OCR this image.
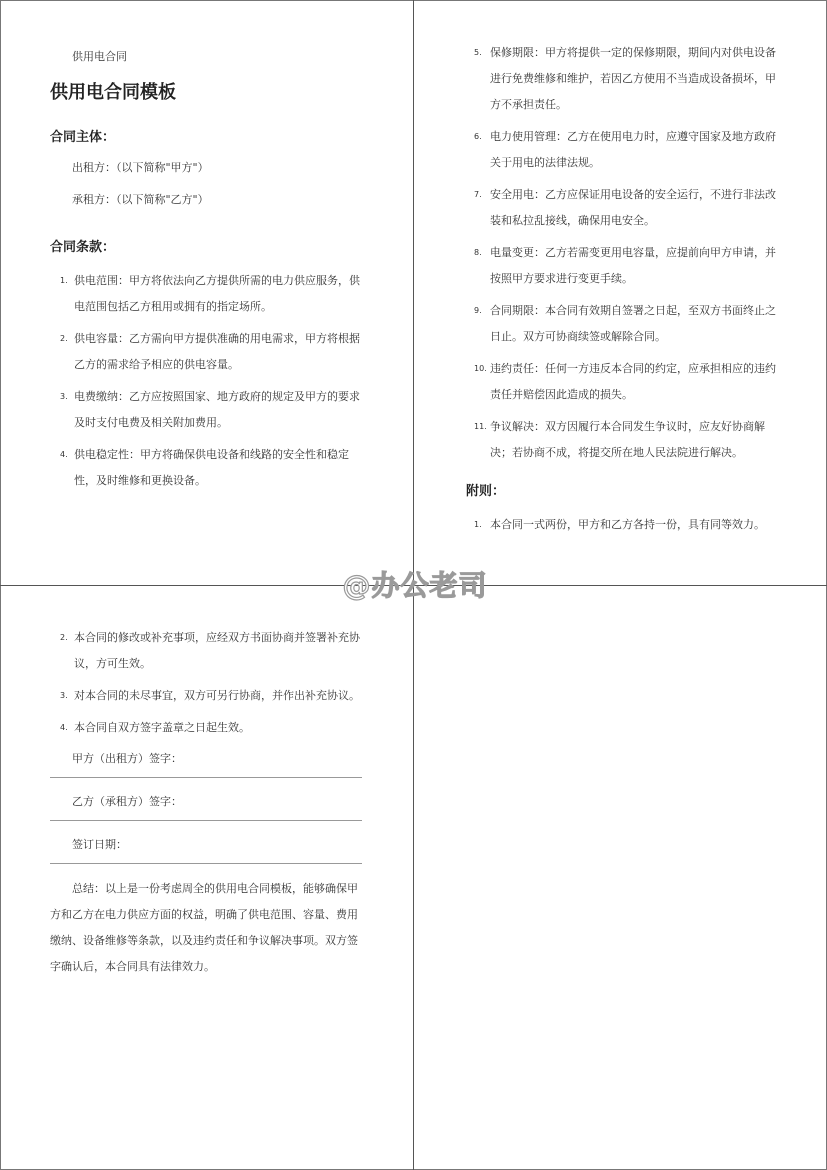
供用电合同
供用电合同模板
合同主体：
出租方：（以下简称"甲方"）
承租方：（以下简称"乙方"）
合同条款：
1. 供电范围：甲方将依法向乙方提供所需的电力供应服务，供电范围包括乙方租用或拥有的指定场所。
2. 供电容量：乙方需向甲方提供准确的用电需求，甲方将根据乙方的需求给予相应的供电容量。
3. 电费缴纳：乙方应按照国家、地方政府的规定及甲方的要求及时支付电费及相关附加费用。
4. 供电稳定性：甲方将确保供电设备和线路的安全性和稳定性，及时维修和更换设备。
5. 保修期限：甲方将提供一定的保修期限，期间内对供电设备进行免费维修和维护，若因乙方使用不当造成设备损坏，甲方不承担责任。
6. 电力使用管理：乙方在使用电力时，应遵守国家及地方政府关于用电的法律法规。
7. 安全用电：乙方应保证用电设备的安全运行，不进行非法改装和私拉乱接线，确保用电安全。
8. 电量变更：乙方若需变更用电容量，应提前向甲方申请，并按照甲方要求进行变更手续。
9. 合同期限：本合同有效期自签署之日起，至双方书面终止之日止。双方可协商续签或解除合同。
10. 违约责任：任何一方违反本合同的约定，应承担相应的违约责任并赔偿因此造成的损失。
11. 争议解决：双方因履行本合同发生争议时，应友好协商解决；若协商不成，将提交所在地人民法院进行解决。
附则：
1. 本合同一式两份，甲方和乙方各持一份，具有同等效力。
2. 本合同的修改或补充事项，应经双方书面协商并签署补充协议，方可生效。
3. 对本合同的未尽事宜，双方可另行协商，并作出补充协议。
4. 本合同自双方签字盖章之日起生效。
甲方（出租方）签字：
乙方（承租方）签字：
签订日期：
总结：以上是一份考虑周全的供用电合同模板，能够确保甲方和乙方在电力供应方面的权益，明确了供电范围、容量、费用缴纳、设备维修等条款，以及违约责任和争议解决事项。双方签字确认后，本合同具有法律效力。
@办公老司
